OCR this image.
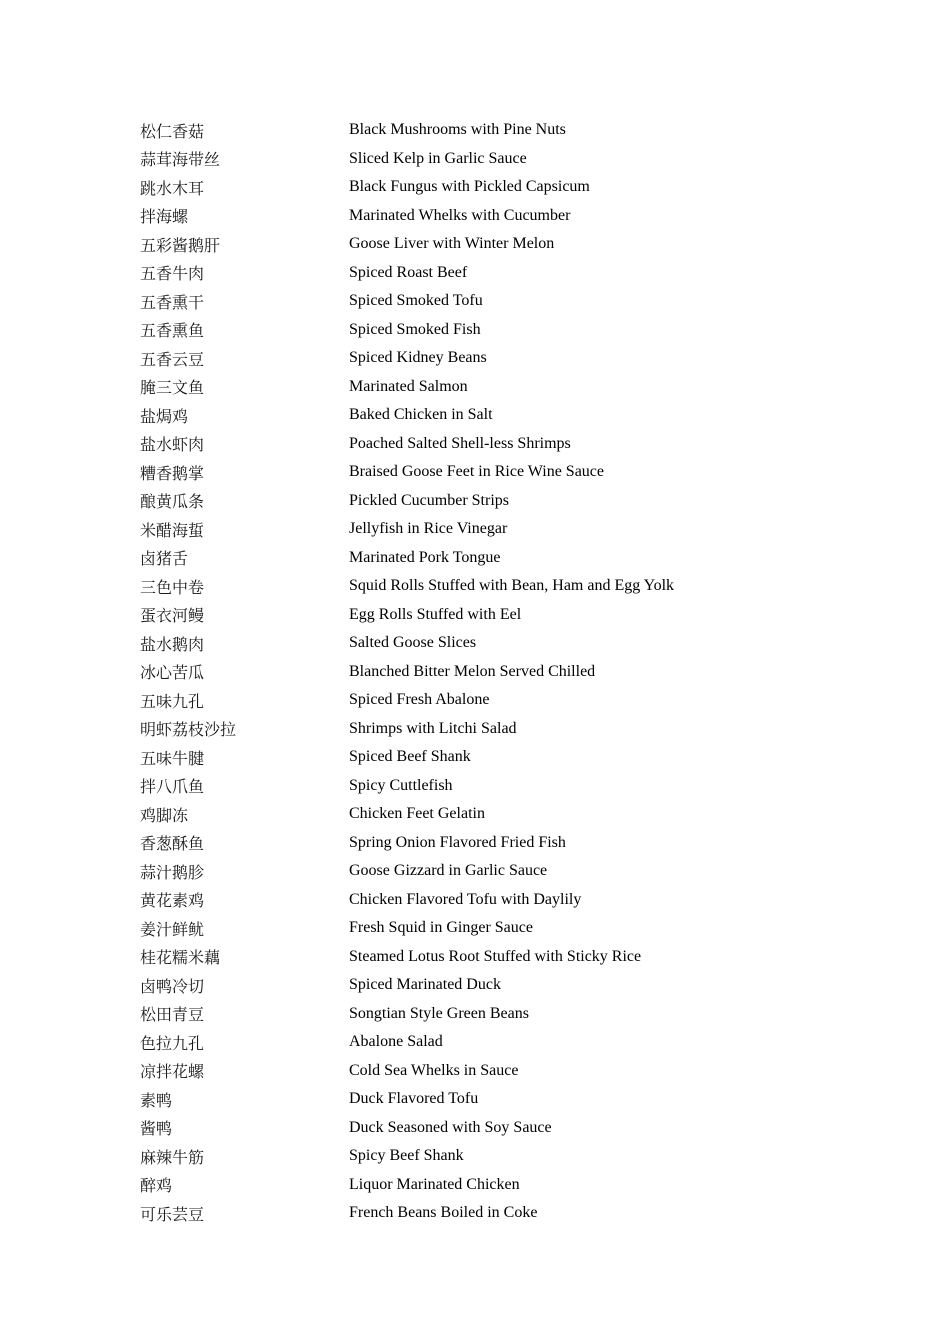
松仁香菇	Black Mushrooms with Pine Nuts
蒜茸海带丝	Sliced Kelp in Garlic Sauce
跳水木耳	Black Fungus with Pickled Capsicum
拌海螺	Marinated Whelks with Cucumber
五彩酱鹅肝	Goose Liver with Winter Melon
五香牛肉	Spiced Roast Beef
五香熏干	Spiced Smoked Tofu
五香熏鱼	Spiced Smoked Fish
五香云豆	Spiced Kidney Beans
腌三文鱼	Marinated Salmon
盐焗鸡	Baked Chicken in Salt
盐水虾肉	Poached Salted Shell-less Shrimps
糟香鹅掌	Braised Goose Feet in Rice Wine Sauce
酿黄瓜条	Pickled Cucumber Strips
米醋海蜇	Jellyfish in Rice Vinegar
卤猪舌	Marinated Pork Tongue
三色中卷	Squid Rolls Stuffed with Bean, Ham and Egg Yolk
蛋衣河鳗	Egg Rolls Stuffed with Eel
盐水鹅肉	Salted Goose Slices
冰心苦瓜	Blanched Bitter Melon Served Chilled
五味九孔	Spiced Fresh Abalone
明虾荔枝沙拉	Shrimps with Litchi Salad
五味牛腱	Spiced Beef Shank
拌八爪鱼	Spicy Cuttlefish
鸡脚冻	Chicken Feet Gelatin
香葱酥鱼	Spring Onion Flavored Fried Fish
蒜汁鹅胗	Goose Gizzard in Garlic Sauce
黄花素鸡	Chicken Flavored Tofu with Daylily
姜汁鲜鱿	Fresh Squid in Ginger Sauce
桂花糯米藕	Steamed Lotus Root Stuffed with Sticky Rice
卤鸭冷切	Spiced Marinated Duck
松田青豆	Songtian Style Green Beans
色拉九孔	Abalone Salad
凉拌花螺	Cold Sea Whelks in Sauce
素鸭	Duck Flavored Tofu
酱鸭	Duck Seasoned with Soy Sauce
麻辣牛筋	Spicy Beef Shank
醉鸡	Liquor Marinated Chicken
可乐芸豆	French Beans Boiled in Coke
